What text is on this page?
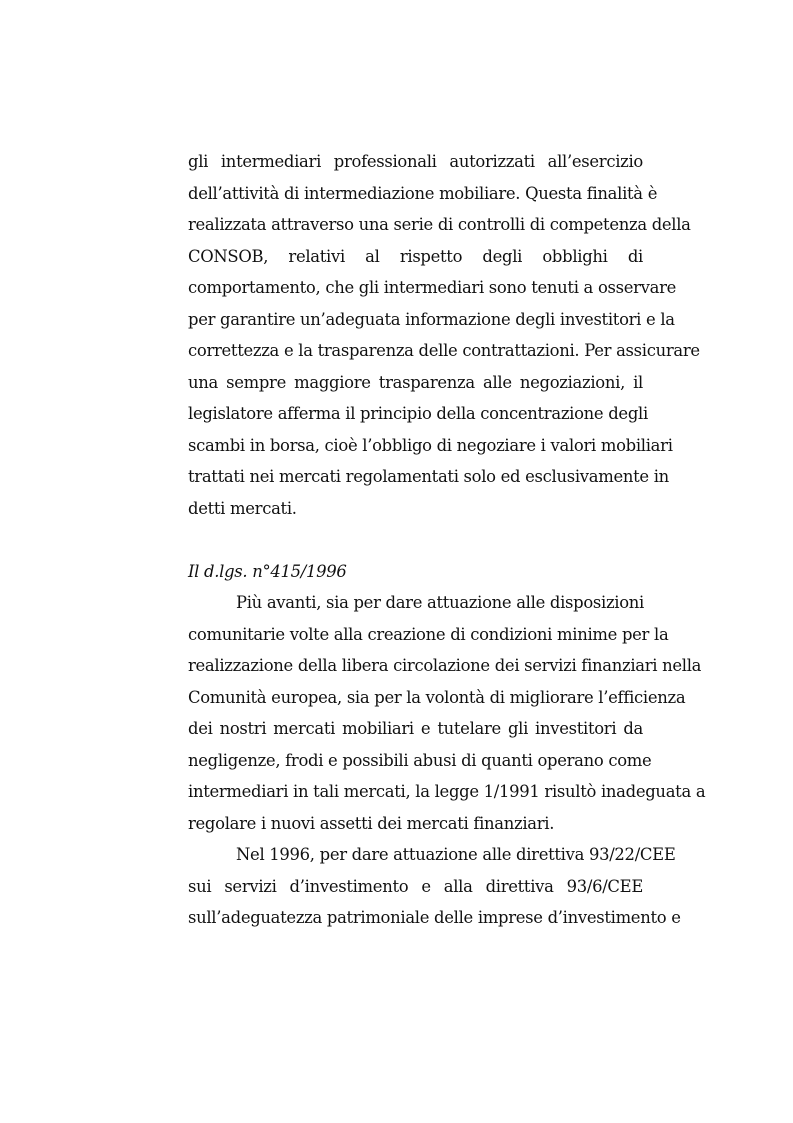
gli intermediari professionali autorizzati all’esercizio
dell’attività di intermediazione mobiliare. Questa finalità è
realizzata attraverso una serie di controlli di competenza della
CONSOB, relativi al rispetto degli obblighi di
comportamento, che gli intermediari sono tenuti a osservare
per garantire un’adeguata informazione degli investitori e la
correttezza e la trasparenza delle contrattazioni. Per assicurare
una sempre maggiore trasparenza alle negoziazioni, il
legislatore afferma il principio della concentrazione degli
scambi in borsa, cioè l’obbligo di negoziare i valori mobiliari
trattati nei mercati regolamentati solo ed esclusivamente in
detti mercati.
Il d.lgs. n°415/1996
Più avanti, sia per dare attuazione alle disposizioni
comunitarie volte alla creazione di condizioni minime per la
realizzazione della libera circolazione dei servizi finanziari nella
Comunità europea, sia per la volontà di migliorare l’efficienza
dei nostri mercati mobiliari e tutelare gli investitori da
negligenze, frodi e possibili abusi di quanti operano come
intermediari in tali mercati, la legge 1/1991 risultò inadeguata a
regolare i nuovi assetti dei mercati finanziari.
Nel 1996, per dare attuazione alle direttiva 93/22/CEE
sui servizi d’investimento e alla direttiva 93/6/CEE
sull’adeguatezza patrimoniale delle imprese d’investimento e
